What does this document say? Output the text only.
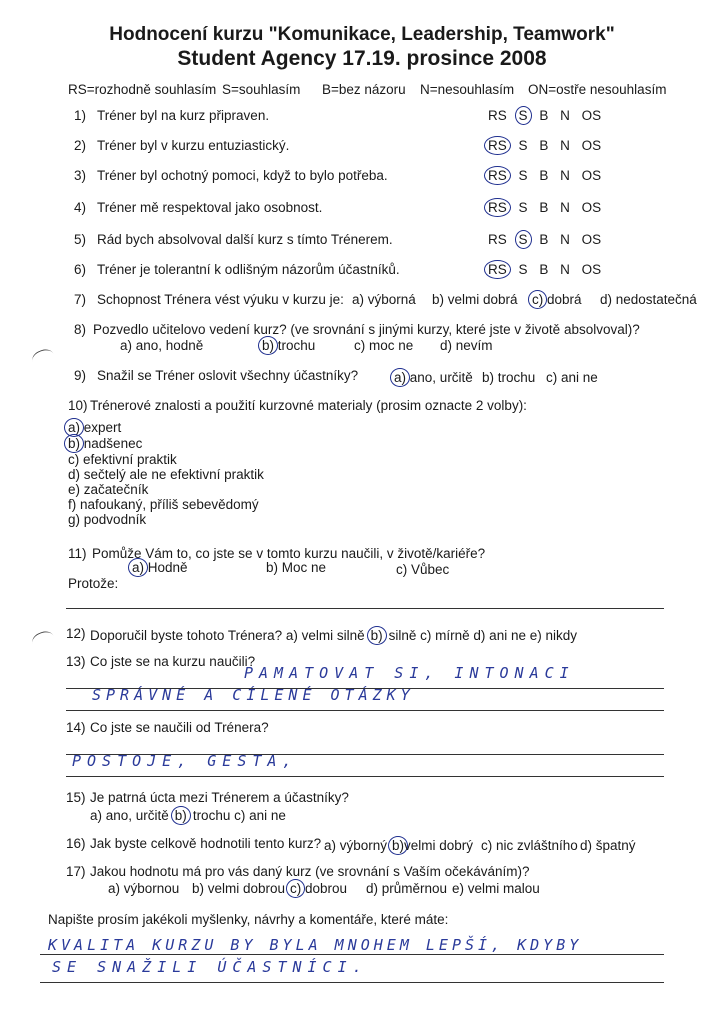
Hodnocení kurzu "Komunikace, Leadership, Teamwork"
Student Agency 17.19. prosince 2008
RS=rozhodně souhlasím S=souhlasím B=bez názoru N=nesouhlasím ON=ostře nesouhlasím
1) Tréner byl na kurz připraven.	RS S B N OS
2) Tréner byl v kurzu entuziastický.	RS S B N OS
3) Tréner byl ochotný pomoci, když to bylo potřeba.	RS S B N OS
4) Tréner mě respektoval jako osobnost.	RS S B N OS
5) Rád bych absolvoval další kurz s tímto Trénerem.	RS S B N OS
6) Tréner je tolerantní k odlišným názorům účastníků.	RS S B N OS
7) Schopnost Trénera vést výuku v kurzu je: a) výborná b) velmi dobrá c) dobrá d) nedostatečná
8) Pozvedlo učitelovo vedení kurz? (ve srovnání s jinými kurzy, které jste v životě absolvoval)?
a) ano, hodně	b) trochu	c) moc ne d) nevím
9) Snažil se Tréner oslovit všechny účastníky?	a) ano, určitě b) trochu c) ani ne
10) Trénerové znalosti a použití kurzovné materialy (prosim oznacte 2 volby):
a) expert
b) nadšenec
c) efektivní praktik
d) sečtelý ale ne efektivní praktik
e) začatečník
f) nafoukaný, příliš sebevědomý
g) podvodník
11) Pomůže Vám to, co jste se v tomto kurzu naučili, v životě/kariéře?
a) Hodně	b) Moc ne	c) Vůbec
Protože:
12) Doporučil byste tohoto Trénera? a) velmi silně b) silně c) mírně d) ani ne e) nikdy
13) Co jste se na kurzu naučili?
PAMATOVAT SI, INTONACI
SPRÁVNÉ A CÍLENÉ OTÁZKY
14) Co jste se naučili od Trénera?
POSTOJE, GESTA,
15) Je patrná úcta mezi Trénerem a účastníky?
a) ano, určitě b) trochu c) ani ne
16) Jak byste celkově hodnotili tento kurz? a) výborný b)velmi dobrý c) nic zvláštního d) špatný
17) Jakou hodnotu má pro vás daný kurz (ve srovnání s Vaším očekáváním)?
a) výbornou b) velmi dobrou c) dobrou d) průměrnou e) velmi malou
Napište prosím jakékoli myšlenky, návrhy a komentáře, které máte:
KVALITA KURZU BY BYLA MNOHEM LEPŠÍ, KDYBY
SE SNAŽILI ÚČASTNÍCI.
